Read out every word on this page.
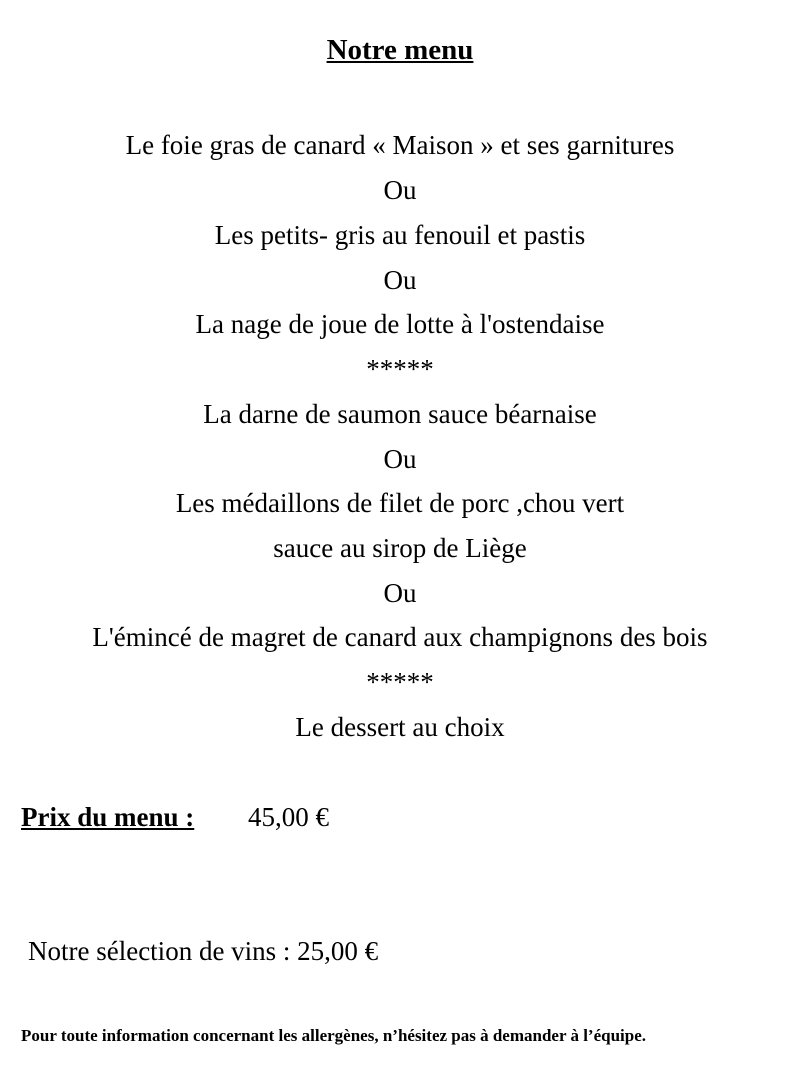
Notre menu
Le foie gras de canard « Maison » et ses garnitures
Ou
Les petits- gris au fenouil et pastis
Ou
La nage de joue de lotte à l'ostendaise
*****
La darne de saumon sauce béarnaise
Ou
Les médaillons de filet de porc ,chou vert
sauce au sirop de Liège
Ou
L'émincé de magret de canard aux champignons des bois
*****
Le dessert au choix
Prix du menu : 45,00 €
Notre sélection de vins : 25,00 €
Pour toute information concernant les allergènes, n’hésitez pas à demander à l’équipe.
